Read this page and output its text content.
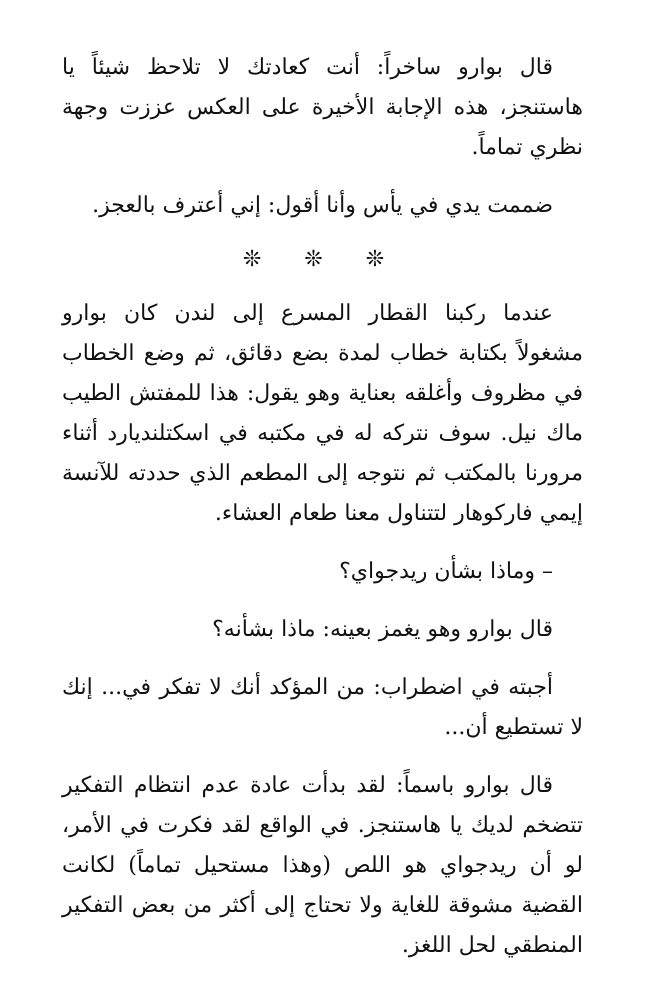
قال بوارو ساخراً: أنت كعادتك لا تلاحظ شيئاً يا هاستنجز، هذه الإجابة الأخيرة على العكس عززت وجهة نظري تماماً.

ضممت يدي في يأس وأنا أقول: إني أعترف بالعجز.

❊ ❊ ❊

عندما ركبنا القطار المسرع إلى لندن كان بوارو مشغولاً بكتابة خطاب لمدة بضع دقائق، ثم وضع الخطاب في مظروف وأغلقه بعناية وهو يقول: هذا للمفتش الطيب ماك نيل. سوف نتركه له في مكتبه في اسكتلنديارد أثناء مرورنا بالمكتب ثم نتوجه إلى المطعم الذي حددته للآنسة إيمي فاركوهار لتتناول معنا طعام العشاء.

– وماذا بشأن ريدجواي؟

قال بوارو وهو يغمز بعينه: ماذا بشأنه؟

أجبته في اضطراب: من المؤكد أنك لا تفكر في... إنك لا تستطيع أن...

قال بوارو باسماً: لقد بدأت عادة عدم انتظام التفكير تتضخم لديك يا هاستنجز. في الواقع لقد فكرت في الأمر، لو أن ريدجواي هو اللص (وهذا مستحيل تماماً) لكانت القضية مشوقة للغاية ولا تحتاج إلى أكثر من بعض التفكير المنطقي لحل اللغز.
